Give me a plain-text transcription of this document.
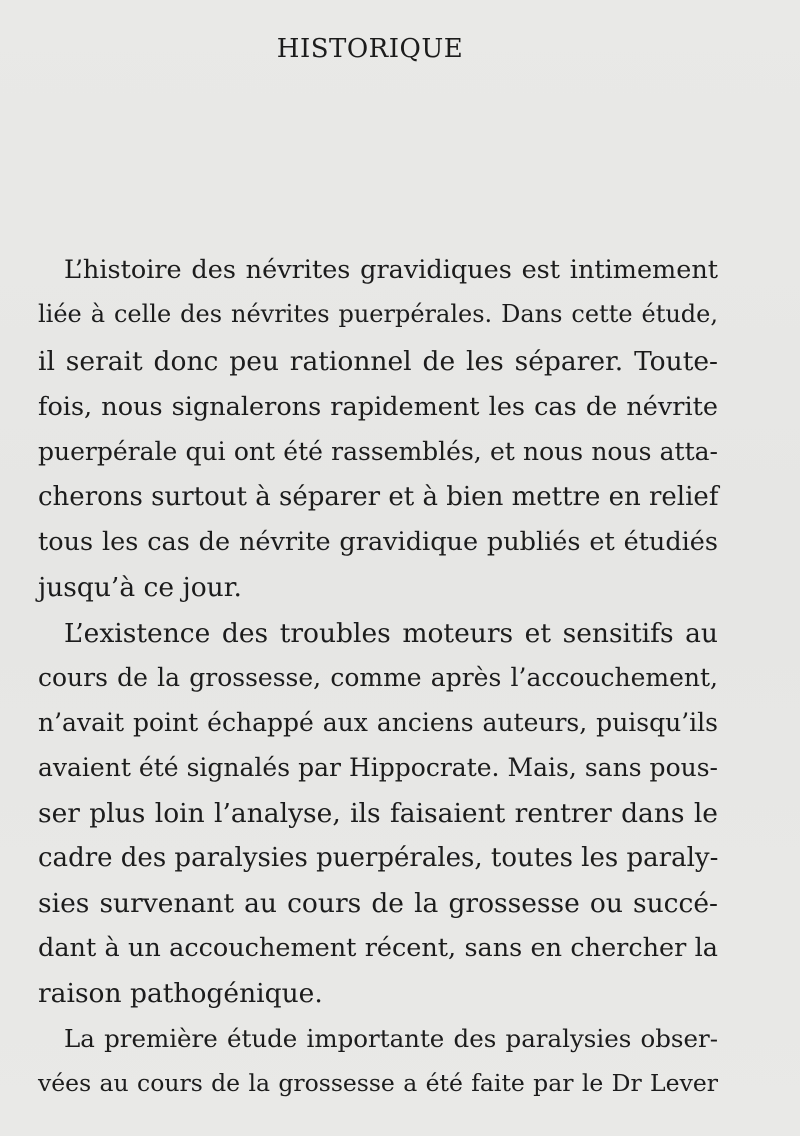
HISTORIQUE
L’histoire des névrites gravidiques est intimement
liée à celle des névrites puerpérales. Dans cette étude,
il serait donc peu rationnel de les séparer. Toute-
fois, nous signalerons rapidement les cas de névrite
puerpérale qui ont été rassemblés, et nous nous atta-
cherons surtout à séparer et à bien mettre en relief
tous les cas de névrite gravidique publiés et étudiés
jusqu’à ce jour.
L’existence des troubles moteurs et sensitifs au
cours de la grossesse, comme après l’accouchement,
n’avait point échappé aux anciens auteurs, puisqu’ils
avaient été signalés par Hippocrate. Mais, sans pous-
ser plus loin l’analyse, ils faisaient rentrer dans le
cadre des paralysies puerpérales, toutes les paraly-
sies survenant au cours de la grossesse ou succé-
dant à un accouchement récent, sans en chercher la
raison pathogénique.
La première étude importante des paralysies obser-
vées au cours de la grossesse a été faite par le Dr Lever
